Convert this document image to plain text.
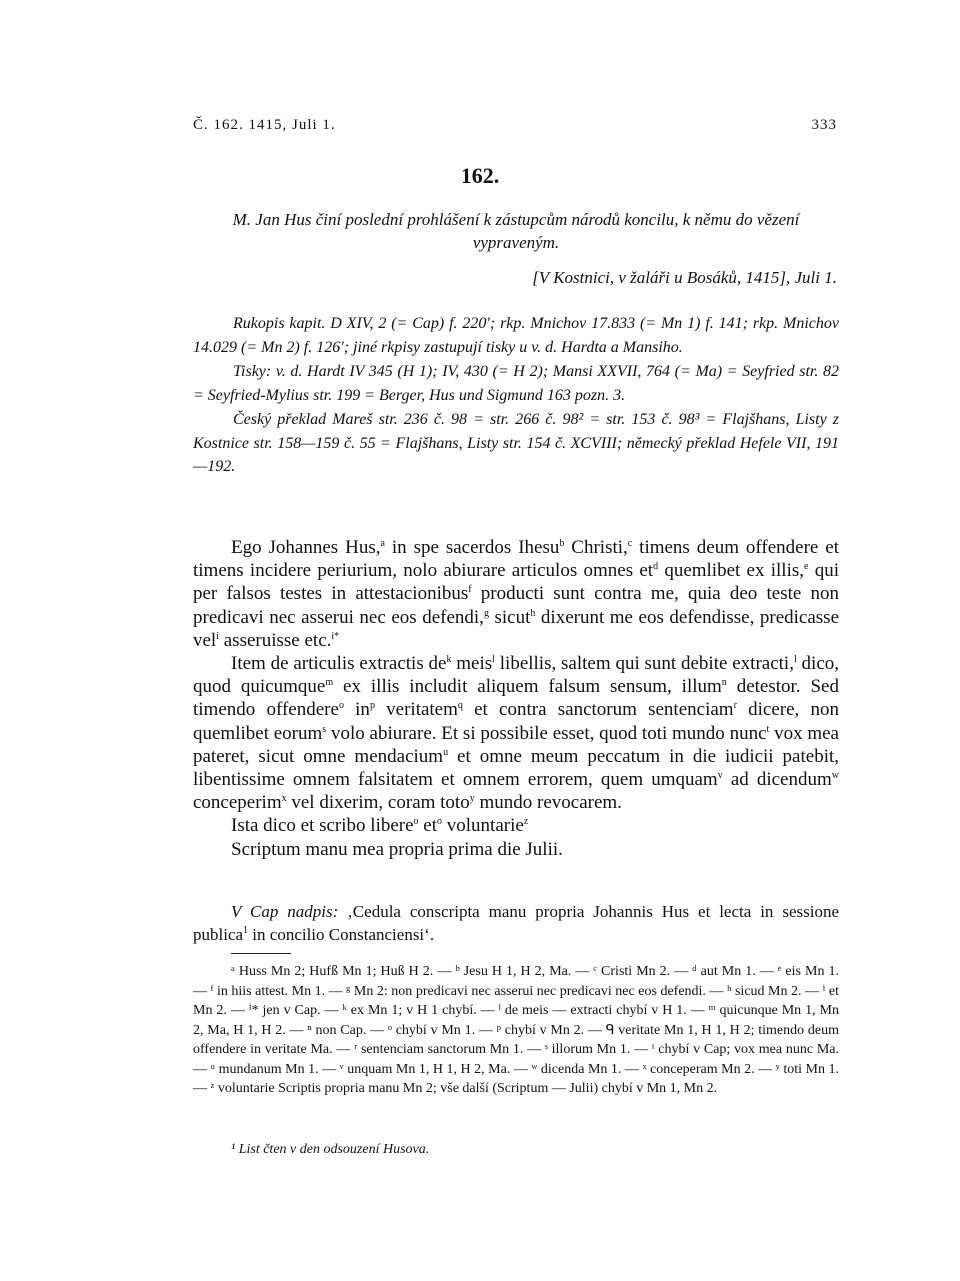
Č. 162. 1415, Juli 1.	333
162.
M. Jan Hus činí poslední prohlášení k zástupcům národů koncilu, k němu do vězení vypraveným.
[V Kostnici, v žaláři u Bosáků, 1415], Juli 1.

Rukopis kapit. D XIV, 2 (= Cap) f. 220′; rkp. Mnichov 17.833 (= Mn 1) f. 141; rkp. Mnichov 14.029 (= Mn 2) f. 126′; jiné rkpisy zastupují tisky u v. d. Hardta a Mansiho.

Tisky: v. d. Hardt IV 345 (H 1); IV, 430 (= H 2); Mansi XXVII, 764 (= Ma) = Seyfried str. 82 = Seyfried-Mylius str. 199 = Berger, Hus und Sigmund 163 pozn. 3.

Český překlad Mareš str. 236 č. 98 = str. 266 č. 98² = str. 153 č. 98³ = Flajšhans, Listy z Kostnice str. 158—159 č. 55 = Flajšhans, Listy str. 154 č. XCVIII; německý překlad Hefele VII, 191—192.

Ego Johannes Hus,$^a$ in spe sacerdos Ihesu$^b$ Christi,$^c$ timens deum offendere et timens incidere periurium, nolo abiurare articulos omnes $et^d$ quemlibet ex illis,$^e$ qui per falsos testes in attestacionibus$^f$ producti sunt contra me, quia deo teste non predicavi nec asserui nec eos defendi,$^g$ sicut$^h$ dixerunt me eos defendisse, predicasse vel$^i$ asseruisse etc.$^{i*}$

Item de articulis extractis $de^k$ meis$^l$ libellis, saltem qui sunt debite extracti,$^l$ dico, quod quicumque$^m$ ex illis includit aliquem falsum sensum, illum$^n$ detestor. Sed timendo offendere$^o$ $in^p$ veritatem$^q$ et contra sanctorum sentenciam$^r$ dicere, non quemlibet eorum$^s$ volo abiurare. Et si possibile esset, quod toti mundo nunc$^t$ vox mea pateret, sicut omne mendacium$^u$ et omne meum peccatum in die iudicii patebit, libentissime omnem falsitatem et omnem errorem, quem umquam$^v$ ad dicendum$^w$ conceperim$^x$ vel dixerim, coram toto$^y$ mundo revocarem.

Ista dico et scribo libere$^o$ $et^o$ voluntarie$^z$

Scriptum manu mea propria prima die Julii.

V Cap nadpis: ‚Cedula conscripta manu propria Johannis Hus et lecta in sessione publica$^1$ in concilio Constanciensi‘.

ᵃ Huss Mn 2; Hufß Mn 1; Huß H 2. — ᵇ Jesu H 1, H 2, Ma. — ᶜ Cristi Mn 2. — ᵈ aut Mn 1. — ᵉ eis Mn 1. — ᶠ in hiis attest. Mn 1. — ᵍ Mn 2: non predicavi nec asserui nec predicavi nec eos defendi. — ʰ sicud Mn 2. — ⁱ et Mn 2. — ⁱ* jen v Cap. — ᵏ ex Mn 1; v H 1 chybí. — ˡ de meis — extracti chybí v H 1. — ᵐ quicunque Mn 1, Mn 2, Ma, H 1, H 2. — ⁿ non Cap. — ᵒ chybí v Mn 1. — ᵖ chybí v Mn 2. — ᑫ veritate Mn 1, H 1, H 2; timendo deum offendere in veritate Ma. — ʳ sentenciam sanctorum Mn 1. — ˢ illorum Mn 1. — ᵗ chybí v Cap; vox mea nunc Ma. — ᵘ mundanum Mn 1. — ᵛ unquam Mn 1, H 1, H 2, Ma. — ʷ dicenda Mn 1. — ˣ conceperam Mn 2. — ʸ toti Mn 1. — ᶻ voluntarie Scriptis propria manu Mn 2; vše další (Scriptum — Julii) chybí v Mn 1, Mn 2.

¹ List čten v den odsouzení Husova.
